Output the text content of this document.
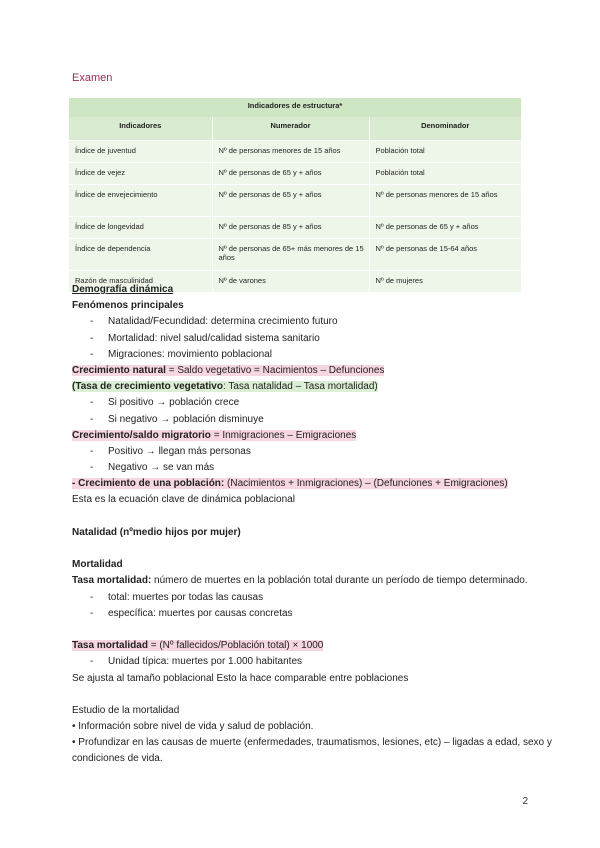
Examen
Indicadores de estructura*		
Indicadores	Numerador	Denominador
Índice de juventud	Nº de personas menores de 15 años	Población total
Índice de vejez	Nº de personas de 65 y + años	Población total
Índice de envejecimiento	Nº de personas de 65 y + años	Nº de personas menores de 15 años
Índice de longevidad	Nº de personas de 85 y + años	Nº de personas de 65 y + años
Índice de dependencia	Nº de personas de 65+ más menores de 15 años	Nº de personas de 15-64 años
Razón de masculinidad	Nº de varones	Nº de mujeres
Demografía dinámica
Fenómenos principales
- Natalidad/Fecundidad: determina crecimiento futuro
- Mortalidad: nivel salud/calidad sistema sanitario
- Migraciones: movimiento poblacional
Crecimiento natural = Saldo vegetativo = Nacimientos – Defunciones
(Tasa de crecimiento vegetativo: Tasa natalidad – Tasa mortalidad)
- Si positivo → población crece
- Si negativo → población disminuye
Crecimiento/saldo migratorio = Inmigraciones – Emigraciones
- Positivo → llegan más personas
- Negativo → se van más
- Crecimiento de una población: (Nacimientos + Inmigraciones) – (Defunciones + Emigraciones)
Esta es la ecuación clave de dinámica poblacional
Natalidad (nºmedio hijos por mujer)
Mortalidad
Tasa mortalidad: número de muertes en la población total durante un período de tiempo determinado.
- total: muertes por todas las causas
- específica: muertes por causas concretas
Tasa mortalidad = (Nº fallecidos/Población total) × 1000
- Unidad típica: muertes por 1.000 habitantes
Se ajusta al tamaño poblacional Esto la hace comparable entre poblaciones
Estudio de la mortalidad
• Información sobre nivel de vida y salud de población.
• Profundizar en las causas de muerte (enfermedades, traumatismos, lesiones, etc) – ligadas a edad, sexo y
condiciones de vida.
2
